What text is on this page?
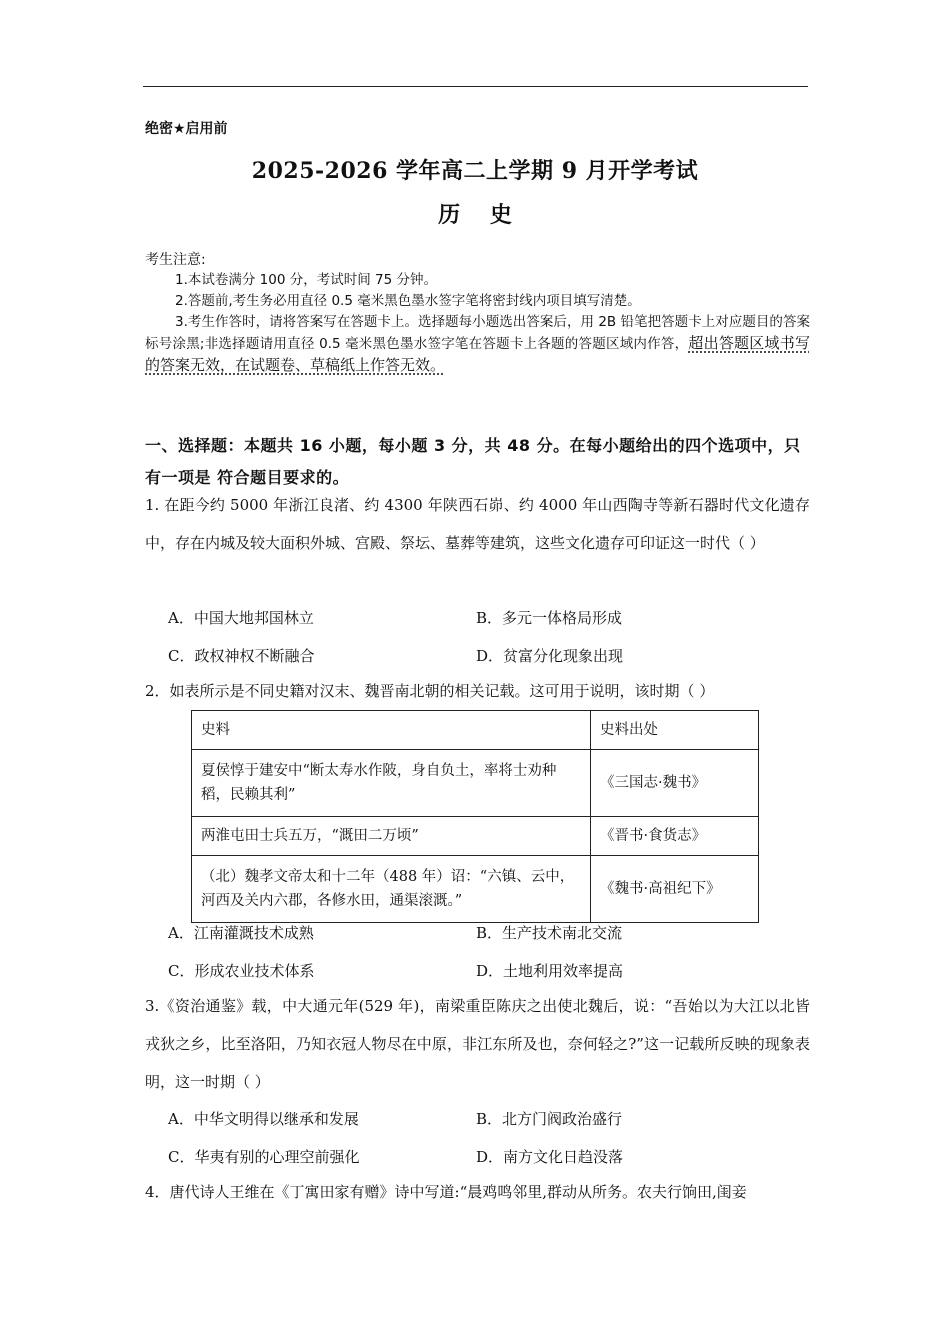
绝密★启用前
2025-2026 学年高二上学期 9 月开学考试
历 史
考生注意:
1.本试卷满分 100 分，考试时间 75 分钟。
2.答题前,考生务必用直径 0.5 毫米黑色墨水签字笔将密封线内项目填写清楚。
3.考生作答时，请将答案写在答题卡上。选择题每小题选出答案后，用 2B 铅笔把答题卡上对应题目的答案标号涂黑;非选择题请用直径 0.5 毫米黑色墨水签字笔在答题卡上各题的答题区域内作答，超出答题区域书写的答案无效，在试题卷、草稿纸上作答无效。
一、选择题：本题共 16 小题，每小题 3 分，共 48 分。在每小题给出的四个选项中，只有一项是 符合题目要求的。
1. 在距今约 5000 年浙江良渚、约 4300 年陕西石峁、约 4000 年山西陶寺等新石器时代文化遗存中，存在内城及较大面积外城、宫殿、祭坛、墓葬等建筑，这些文化遗存可印证这一时代（ ）
A．中国大地邦国林立	B．多元一体格局形成
C．政权神权不断融合	D．贫富分化现象出现
2．如表所示是不同史籍对汉末、魏晋南北朝的相关记载。这可用于说明，该时期（ ）
史料	史料出处
夏侯惇于建安中“断太寿水作陂，身自负土，率将士劝种稻，民赖其利”	《三国志·魏书》
两淮屯田士兵五万，“溉田二万顷”	《晋书·食货志》
（北）魏孝文帝太和十二年（488 年）诏：“六镇、云中，河西及关内六郡，各修水田，通渠滚溉。”	《魏书·高祖纪下》
A．江南灌溉技术成熟	B．生产技术南北交流
C．形成农业技术体系	D．土地利用效率提高
3.《资治通鉴》载，中大通元年(529 年)，南梁重臣陈庆之出使北魏后，说：“吾始以为大江以北皆戎狄之乡，比至洛阳，乃知衣冠人物尽在中原，非江东所及也，奈何轻之?”这一记载所反映的现象表明，这一时期（ ）
A．中华文明得以继承和发展	B．北方门阀政治盛行
C．华夷有别的心理空前强化	D．南方文化日趋没落
4．唐代诗人王维在《丁寓田家有赠》诗中写道:“晨鸡鸣邻里,群动从所务。农夫行饷田,闺妾
